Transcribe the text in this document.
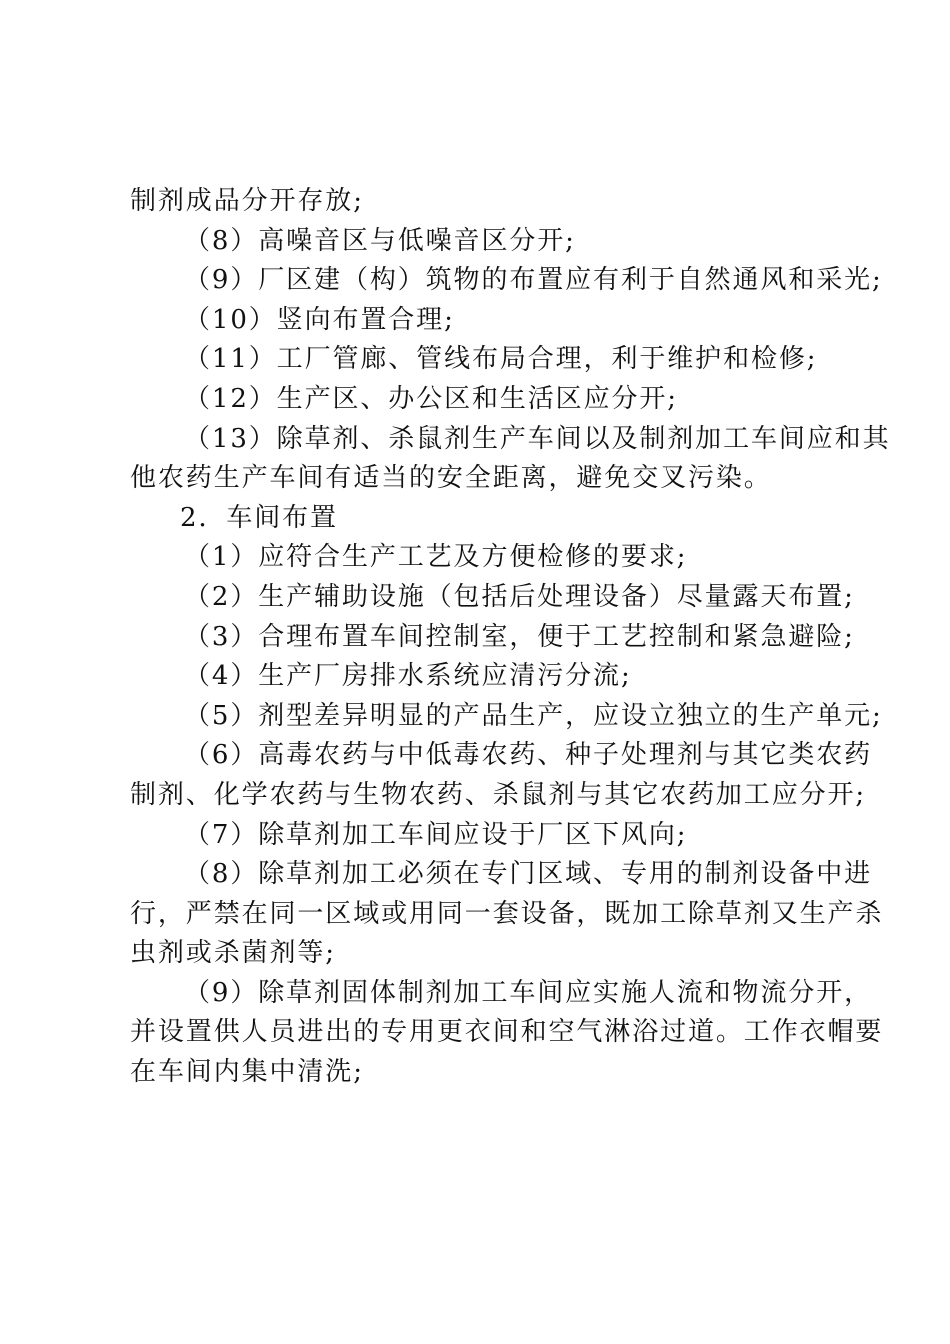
制剂成品分开存放;
（8）高噪音区与低噪音区分开;
（9）厂区建（构）筑物的布置应有利于自然通风和采光;
（10）竖向布置合理;
（11）工厂管廊、管线布局合理，利于维护和检修;
（12）生产区、办公区和生活区应分开;
（13）除草剂、杀鼠剂生产车间以及制剂加工车间应和其
他农药生产车间有适当的安全距离，避免交叉污染。
2．车间布置
（1）应符合生产工艺及方便检修的要求;
（2）生产辅助设施（包括后处理设备）尽量露天布置;
（3）合理布置车间控制室，便于工艺控制和紧急避险;
（4）生产厂房排水系统应清污分流;
（5）剂型差异明显的产品生产，应设立独立的生产单元;
（6）高毒农药与中低毒农药、种子处理剂与其它类农药
制剂、化学农药与生物农药、杀鼠剂与其它农药加工应分开;
（7）除草剂加工车间应设于厂区下风向;
（8）除草剂加工必须在专门区域、专用的制剂设备中进
行，严禁在同一区域或用同一套设备，既加工除草剂又生产杀
虫剂或杀菌剂等;
（9）除草剂固体制剂加工车间应实施人流和物流分开，
并设置供人员进出的专用更衣间和空气淋浴过道。工作衣帽要
在车间内集中清洗;
